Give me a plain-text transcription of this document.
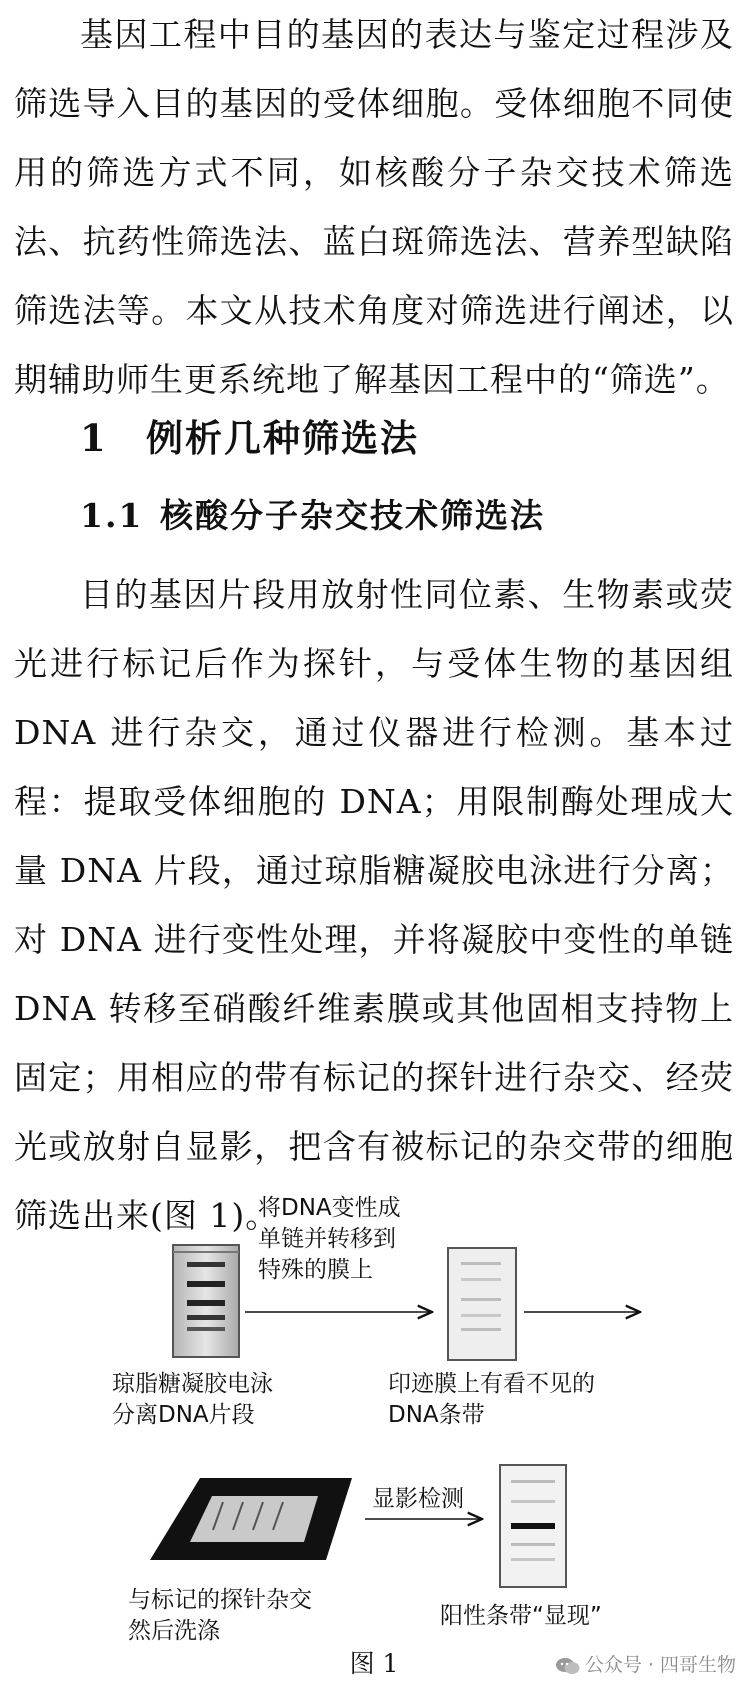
基因工程中目的基因的表达与鉴定过程涉及筛选导入目的基因的受体细胞。受体细胞不同使用的筛选方式不同，如核酸分子杂交技术筛选法、抗药性筛选法、蓝白斑筛选法、营养型缺陷筛选法等。本文从技术角度对筛选进行阐述，以期辅助师生更系统地了解基因工程中的“筛选”。

1 例析几种筛选法
1.1 核酸分子杂交技术筛选法

目的基因片段用放射性同位素、生物素或荧光进行标记后作为探针，与受体生物的基因组 DNA 进行杂交，通过仪器进行检测。基本过程：提取受体细胞的 DNA；用限制酶处理成大量 DNA 片段，通过琼脂糖凝胶电泳进行分离；对 DNA 进行变性处理，并将凝胶中变性的单链 DNA 转移至硝酸纤维素膜或其他固相支持物上固定；用相应的带有标记的探针进行杂交、经荧光或放射自显影，把含有被标记的杂交带的细胞筛选出来(图 1)。

将DNA变性成
单链并转移到
特殊的膜上
琼脂糖凝胶电泳
分离DNA片段
印迹膜上有看不见的
DNA条带
显影检测
与标记的探针杂交
然后洗涤
阳性条带“显现”
图 1	公众号 · 四哥生物
